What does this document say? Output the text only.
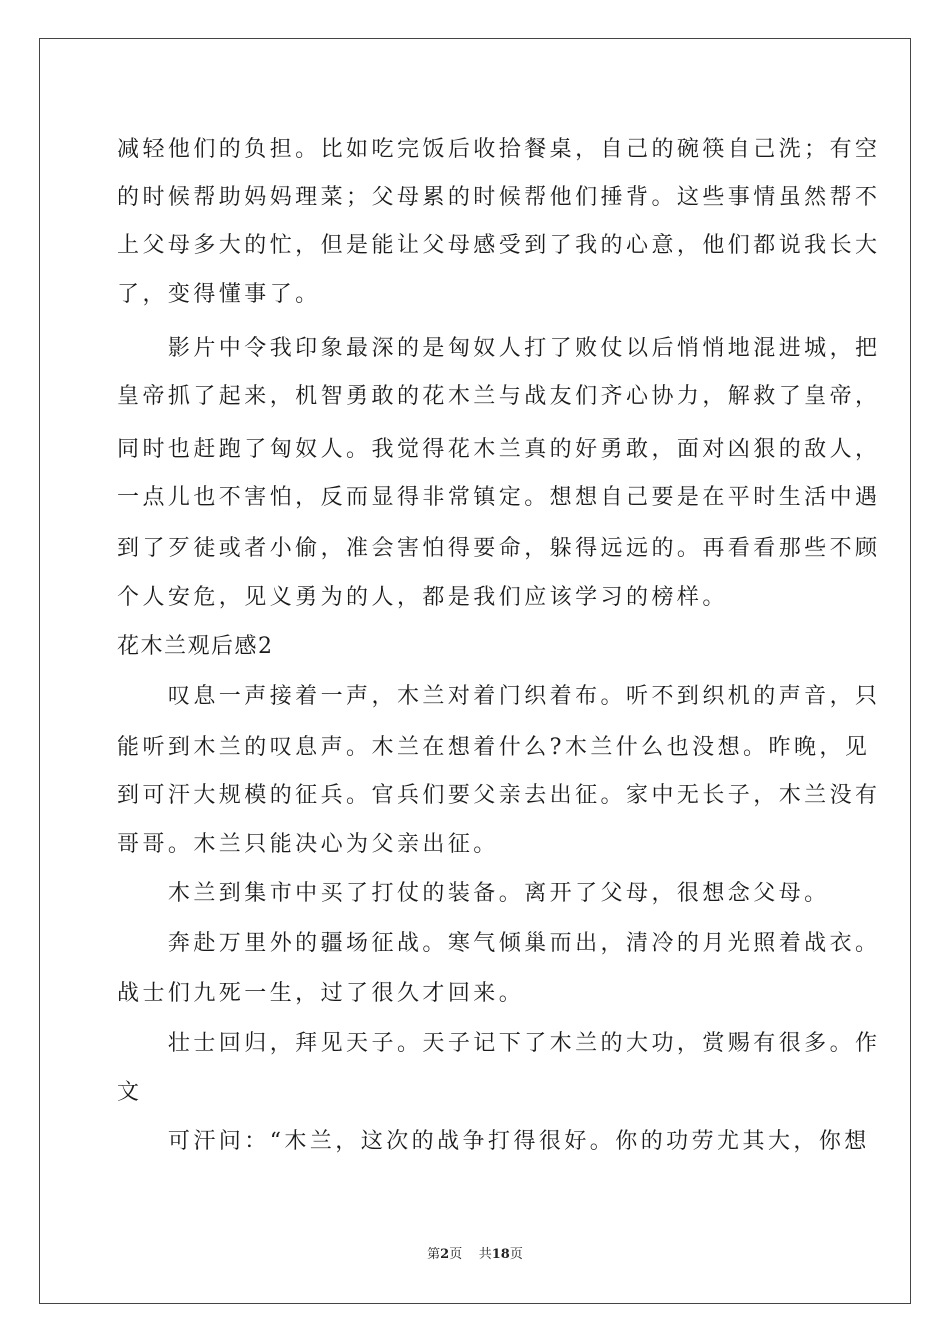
减轻他们的负担。比如吃完饭后收拾餐桌，自己的碗筷自己洗；有空
的时候帮助妈妈理菜；父母累的时候帮他们捶背。这些事情虽然帮不
上父母多大的忙，但是能让父母感受到了我的心意，他们都说我长大
了，变得懂事了。
　　影片中令我印象最深的是匈奴人打了败仗以后悄悄地混进城，把
皇帝抓了起来，机智勇敢的花木兰与战友们齐心协力，解救了皇帝，
同时也赶跑了匈奴人。我觉得花木兰真的好勇敢，面对凶狠的敌人，
一点儿也不害怕，反而显得非常镇定。想想自己要是在平时生活中遇
到了歹徒或者小偷，准会害怕得要命，躲得远远的。再看看那些不顾
个人安危，见义勇为的人，都是我们应该学习的榜样。
花木兰观后感2
　　叹息一声接着一声，木兰对着门织着布。听不到织机的声音，只
能听到木兰的叹息声。木兰在想着什么?木兰什么也没想。昨晚，见
到可汗大规模的征兵。官兵们要父亲去出征。家中无长子，木兰没有
哥哥。木兰只能决心为父亲出征。
　　木兰到集市中买了打仗的装备。离开了父母，很想念父母。
　　奔赴万里外的疆场征战。寒气倾巢而出，清冷的月光照着战衣。
战士们九死一生，过了很久才回来。
　　壮士回归，拜见天子。天子记下了木兰的大功，赏赐有很多。作
文
　　可汗问：“木兰，这次的战争打得很好。你的功劳尤其大，你想
第2页 共18页
